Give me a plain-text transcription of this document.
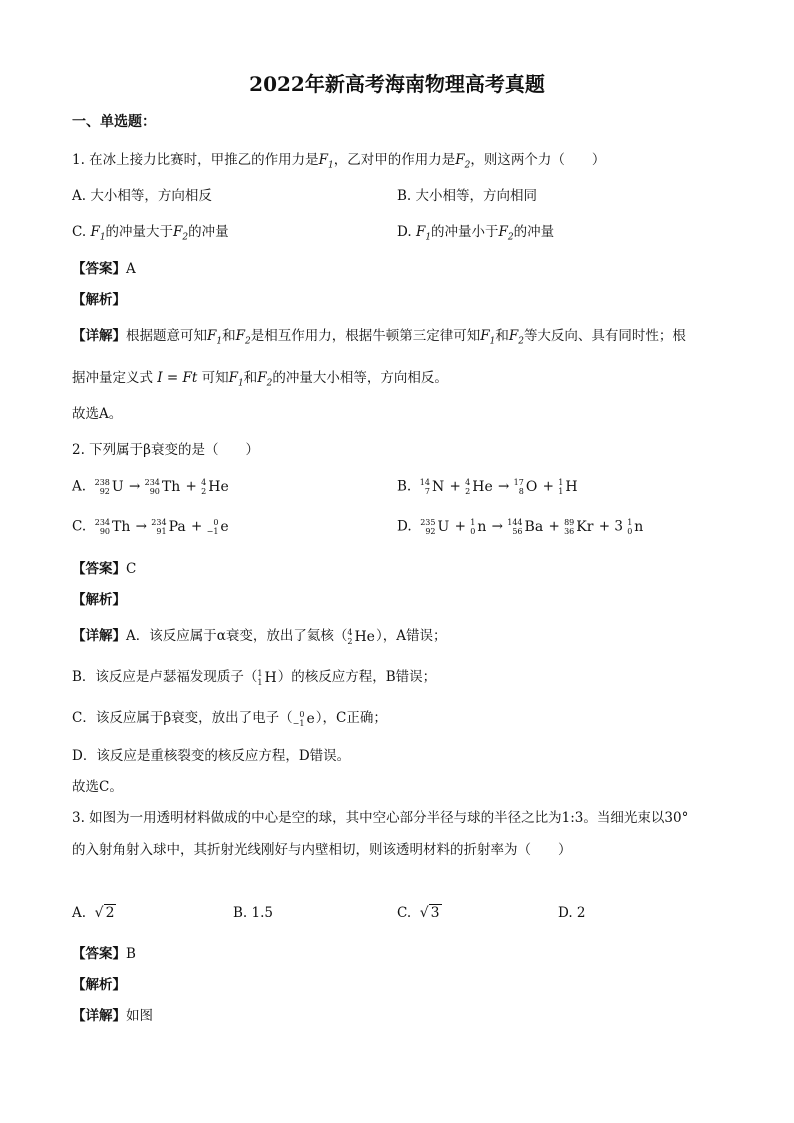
2022年新高考海南物理高考真题
一、单选题：
1. 在冰上接力比赛时，甲推乙的作用力是$F_1$，乙对甲的作用力是$F_2$，则这两个力（　　）
A. 大小相等，方向相反	B. 大小相等，方向相同
C. $F_1$的冲量大于$F_2$的冲量	D. $F_1$的冲量小于$F_2$的冲量
【答案】A
【解析】
【详解】根据题意可知$F_1$和$F_2$是相互作用力，根据牛顿第三定律可知$F_1$和$F_2$等大反向、具有同时性；根
据冲量定义式 I = Ft 可知$F_1$和$F_2$的冲量大小相等，方向相反。
故选A。
2. 下列属于β衰变的是（　　）
A. 238
92 U → 234
90 Th + 4
2 He	B. 14
7 N + 4
2 He → 17
8 O + 1
1 H
C. 234
90 Th → 234
91 Pa + 0
−1 e	D. 235
92 U + 1
0 n → 144
56 Ba + 89
36 Kr + 3 1
0 n
【答案】C
【解析】
【详解】A．该反应属于α衰变，放出了氦核（ 4
2 He），A错误；
B．该反应是卢瑟福发现质子（ 1
1 H）的核反应方程，B错误；
C．该反应属于β衰变，放出了电子（ 0
−1 e），C正确；
D．该反应是重核裂变的核反应方程，D错误。
故选C。
3. 如图为一用透明材料做成的中心是空的球，其中空心部分半径与球的半径之比为1:3。当细光束以30°
的入射角射入球中，其折射光线刚好与内壁相切，则该透明材料的折射率为（　　）
A. √ 2	B. 1.5	C. √ 3	D. 2
【答案】B
【解析】
【详解】如图
